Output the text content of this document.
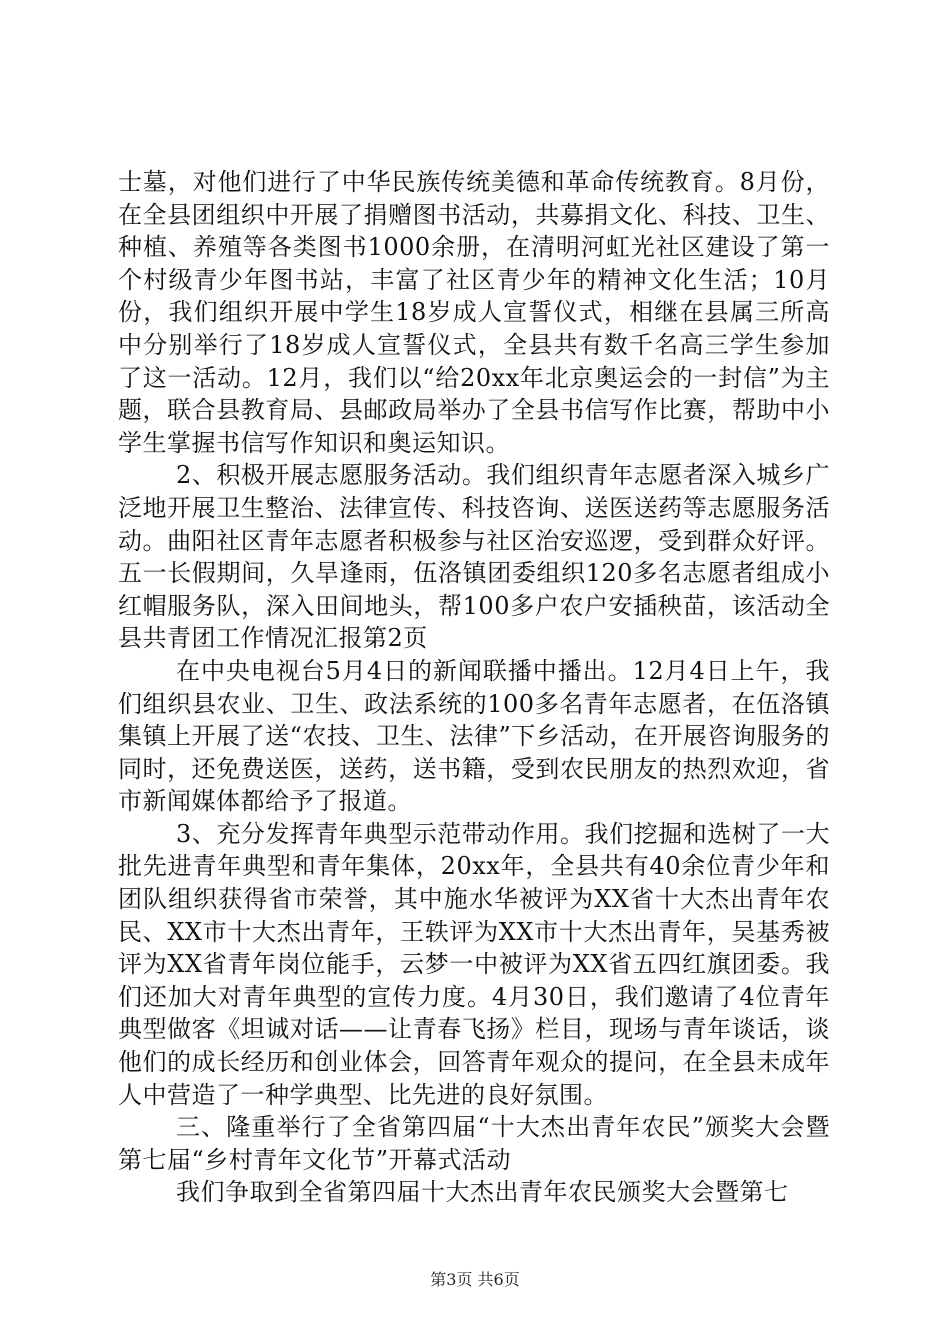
士墓，对他们进行了中华民族传统美德和革命传统教育。8月份，在全县团组织中开展了捐赠图书活动，共募捐文化、科技、卫生、种植、养殖等各类图书1000余册，在清明河虹光社区建设了第一个村级青少年图书站，丰富了社区青少年的精神文化生活；10月份，我们组织开展中学生18岁成人宣誓仪式，相继在县属三所高中分别举行了18岁成人宣誓仪式，全县共有数千名高三学生参加了这一活动。12月，我们以“给20xx年北京奥运会的一封信”为主题，联合县教育局、县邮政局举办了全县书信写作比赛，帮助中小学生掌握书信写作知识和奥运知识。

2、积极开展志愿服务活动。我们组织青年志愿者深入城乡广泛地开展卫生整治、法律宣传、科技咨询、送医送药等志愿服务活动。曲阳社区青年志愿者积极参与社区治安巡逻，受到群众好评。五一长假期间，久旱逢雨，伍洛镇团委组织120多名志愿者组成小红帽服务队，深入田间地头，帮100多户农户安插秧苗，该活动全县共青团工作情况汇报第2页

在中央电视台5月4日的新闻联播中播出。12月4日上午，我们组织县农业、卫生、政法系统的100多名青年志愿者，在伍洛镇集镇上开展了送“农技、卫生、法律”下乡活动，在开展咨询服务的同时，还免费送医，送药，送书籍，受到农民朋友的热烈欢迎，省市新闻媒体都给予了报道。

3、充分发挥青年典型示范带动作用。我们挖掘和选树了一大批先进青年典型和青年集体，20xx年，全县共有40余位青少年和团队组织获得省市荣誉，其中施水华被评为XX省十大杰出青年农民、XX市十大杰出青年，王轶评为XX市十大杰出青年，吴基秀被评为XX省青年岗位能手，云梦一中被评为XX省五四红旗团委。我们还加大对青年典型的宣传力度。4月30日，我们邀请了4位青年典型做客《坦诚对话——让青春飞扬》栏目，现场与青年谈话，谈他们的成长经历和创业体会，回答青年观众的提问，在全县未成年人中营造了一种学典型、比先进的良好氛围。

三、隆重举行了全省第四届“十大杰出青年农民”颁奖大会暨第七届“乡村青年文化节”开幕式活动

我们争取到全省第四届十大杰出青年农民颁奖大会暨第七

第3页 共6页
